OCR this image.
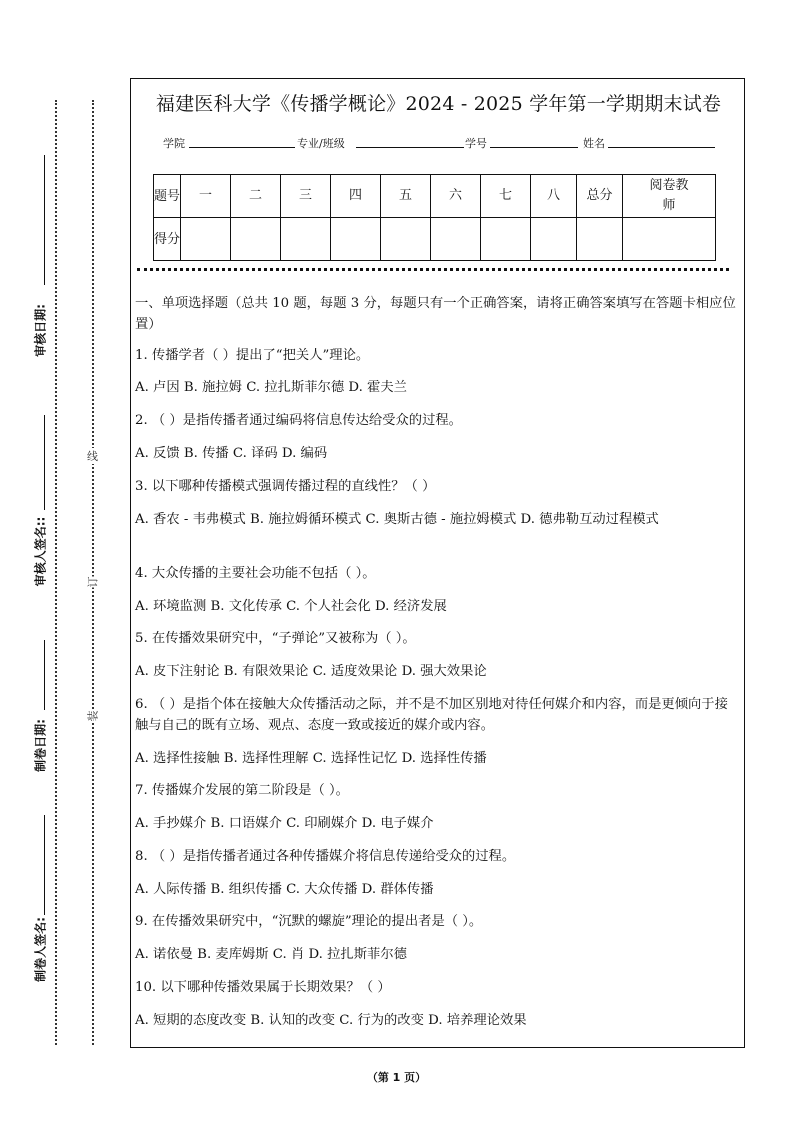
审核日期:
审核人签名::
制卷日期:
制卷人签名:
线
订
装
福建医科大学《传播学概论》2024 - 2025 学年第一学期期末试卷
学院	专业/班级	学号	姓名
题号	一	二	三	四	五	六	七	八	总分	阅卷教师
得分										
一、单项选择题（总共 10 题，每题 3 分，每题只有一个正确答案，请将正确答案填写在答题卡相应位置）
1. 传播学者（ ）提出了“把关人”理论。
A. 卢因 B. 施拉姆 C. 拉扎斯菲尔德 D. 霍夫兰
2. （ ）是指传播者通过编码将信息传达给受众的过程。
A. 反馈 B. 传播 C. 译码 D. 编码
3. 以下哪种传播模式强调传播过程的直线性？（ ）
A. 香农 - 韦弗模式 B. 施拉姆循环模式 C. 奥斯古德 - 施拉姆模式 D. 德弗勒互动过程模式
4. 大众传播的主要社会功能不包括（ ）。
A. 环境监测 B. 文化传承 C. 个人社会化 D. 经济发展
5. 在传播效果研究中，“子弹论”又被称为（ ）。
A. 皮下注射论 B. 有限效果论 C. 适度效果论 D. 强大效果论
6. （ ）是指个体在接触大众传播活动之际，并不是不加区别地对待任何媒介和内容，而是更倾向于接触与自己的既有立场、观点、态度一致或接近的媒介或内容。
A. 选择性接触 B. 选择性理解 C. 选择性记忆 D. 选择性传播
7. 传播媒介发展的第二阶段是（ ）。
A. 手抄媒介 B. 口语媒介 C. 印刷媒介 D. 电子媒介
8. （ ）是指传播者通过各种传播媒介将信息传递给受众的过程。
A. 人际传播 B. 组织传播 C. 大众传播 D. 群体传播
9. 在传播效果研究中，“沉默的螺旋”理论的提出者是（ ）。
A. 诺依曼 B. 麦库姆斯 C. 肖 D. 拉扎斯菲尔德
10. 以下哪种传播效果属于长期效果？（ ）
A. 短期的态度改变 B. 认知的改变 C. 行为的改变 D. 培养理论效果
（第 1 页）
